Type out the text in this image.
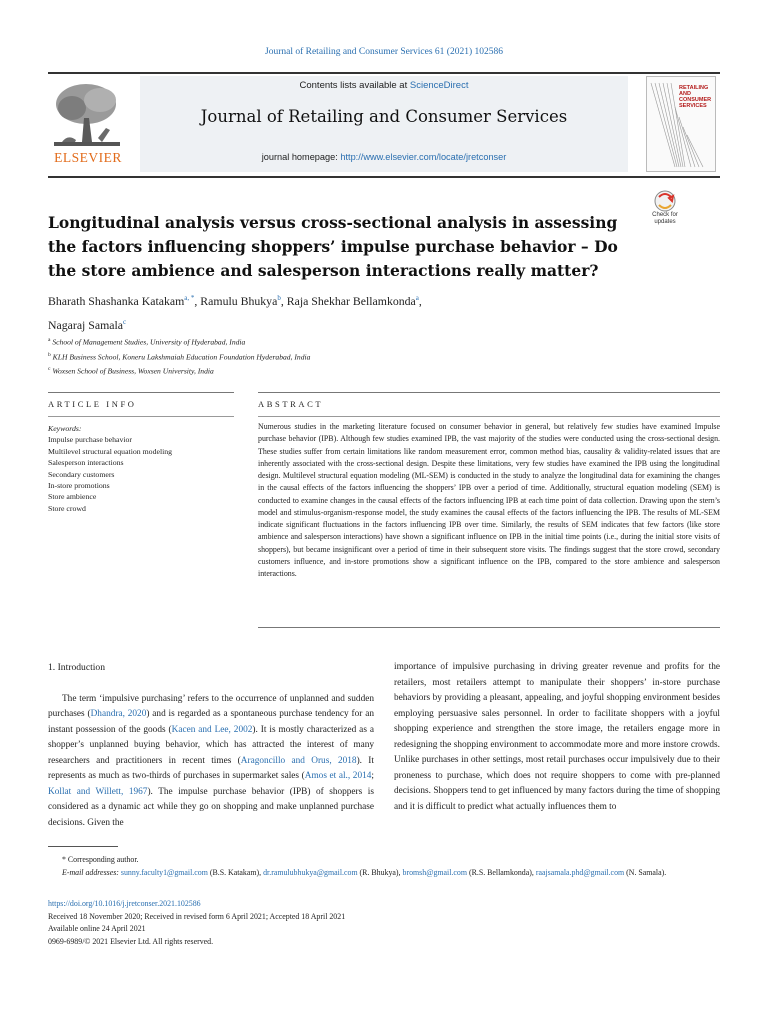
Journal of Retailing and Consumer Services 61 (2021) 102586
ELSEVIER
Contents lists available at ScienceDirect
Journal of Retailing and Consumer Services
journal homepage: http://www.elsevier.com/locate/jretconser
RETAILING AND CONSUMER SERVICES
Check for updates
Longitudinal analysis versus cross-sectional analysis in assessing the factors influencing shoppers’ impulse purchase behavior – Do the store ambience and salesperson interactions really matter?
Bharath Shashanka Katakam$^{a, *}$, Ramulu Bhukya$^b$, Raja Shekhar Bellamkonda$^a$,
Nagaraj Samala$^c$
$^a$ School of Management Studies, University of Hyderabad, India
$^b$ KLH Business School, Koneru Lakshmaiah Education Foundation Hyderabad, India
$^c$ Woxsen School of Business, Woxsen University, India
ARTICLE INFO	ABSTRACT
Keywords:
Impulse purchase behavior
Multilevel structural equation modeling
Salesperson interactions
Secondary customers
In-store promotions
Store ambience
Store crowd
Numerous studies in the marketing literature focused on consumer behavior in general, but relatively few studies have examined Impulse purchase behavior (IPB). Although few studies examined IPB, the vast majority of the studies were conducted using the cross-sectional design. These studies suffer from certain limitations like random measurement error, common method bias, causality & validity-related issues that are inherently associated with the cross-sectional design. Despite these limitations, very few studies have examined the IPB using the longitudinal design. Multilevel structural equation modeling (ML-SEM) is conducted in the study to analyze the longitudinal data for examining the changes in the causal effects of the factors influencing the shoppers’ IPB over a period of time. Additionally, structural equation modeling (SEM) is conducted to examine changes in the causal effects of the factors influencing IPB at each time point of data collection. Drawing upon the stern’s model and stimulus-organism-response model, the study examines the causal effects of the factors influencing the IPB. The results of ML-SEM indicate significant fluctuations in the factors influencing IPB over time. Similarly, the results of SEM indicates that few factors (like store ambience and salesperson interactions) have shown a significant influence on IPB in the initial time points (i.e., during the initial store visits of shoppers), but became insignificant over a period of time in their subsequent store visits. The findings suggest that the store crowd, secondary customers influence, and in-store promotions show a significant influence on the IPB, compared to the store ambience and salesperson interactions.
1. Introduction
The term ‘impulsive purchasing’ refers to the occurrence of unplanned and sudden purchases (Dhandra, 2020) and is regarded as a spontaneous purchase tendency for an instant possession of the goods (Kacen and Lee, 2002). It is mostly characterized as a shopper’s unplanned buying behavior, which has attracted the interest of many researchers and practitioners in recent times (Aragoncillo and Orus, 2018). It represents as much as two-thirds of purchases in supermarket sales (Amos et al., 2014; Kollat and Willett, 1967). The impulse purchase behavior (IPB) of shoppers is considered as a dynamic act while they go on shopping and make unplanned purchase decisions. Given the
importance of impulsive purchasing in driving greater revenue and profits for the retailers, most retailers attempt to manipulate their shoppers’ in-store purchase behaviors by providing a pleasant, appealing, and joyful shopping environment besides employing persuasive sales personnel. In order to facilitate shoppers with a joyful shopping experience and strengthen the store image, the retailers engage more in redesigning the shopping environment to accommodate more and more instore crowds. Unlike purchases in other settings, most retail purchases occur impulsively due to their proneness to purchase, which does not require shoppers to come with pre-planned decisions. Shoppers tend to get influenced by many factors during the time of shopping and it is difficult to predict what actually influences them to
* Corresponding author.
E-mail addresses: sunny.faculty1@gmail.com (B.S. Katakam), dr.ramulubhukya@gmail.com (R. Bhukya), bromsh@gmail.com (R.S. Bellamkonda), raajsamala.phd@gmail.com (N. Samala).
https://doi.org/10.1016/j.jretconser.2021.102586
Received 18 November 2020; Received in revised form 6 April 2021; Accepted 18 April 2021
Available online 24 April 2021
0969-6989/© 2021 Elsevier Ltd. All rights reserved.
